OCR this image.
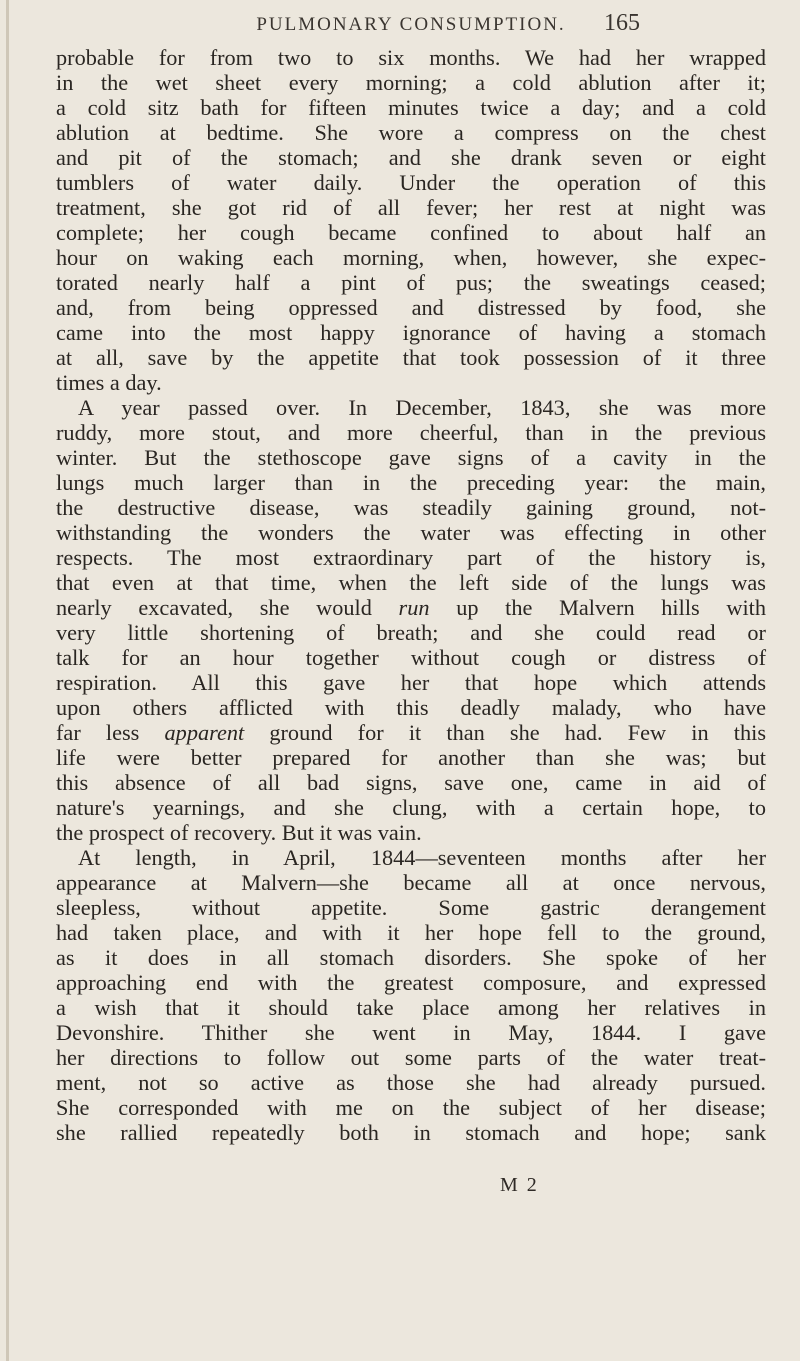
PULMONARY CONSUMPTION.	165
probable for from two to six months. We had her wrapped
in the wet sheet every morning; a cold ablution after it;
a cold sitz bath for fifteen minutes twice a day; and a cold
ablution at bedtime. She wore a compress on the chest
and pit of the stomach; and she drank seven or eight
tumblers of water daily. Under the operation of this
treatment, she got rid of all fever; her rest at night was
complete; her cough became confined to about half an
hour on waking each morning, when, however, she expec-
torated nearly half a pint of pus; the sweatings ceased;
and, from being oppressed and distressed by food, she
came into the most happy ignorance of having a stomach
at all, save by the appetite that took possession of it three
times a day.
A year passed over. In December, 1843, she was more
ruddy, more stout, and more cheerful, than in the previous
winter. But the stethoscope gave signs of a cavity in the
lungs much larger than in the preceding year: the main,
the destructive disease, was steadily gaining ground, not-
withstanding the wonders the water was effecting in other
respects. The most extraordinary part of the history is,
that even at that time, when the left side of the lungs was
nearly excavated, she would run up the Malvern hills with
very little shortening of breath; and she could read or
talk for an hour together without cough or distress of
respiration. All this gave her that hope which attends
upon others afflicted with this deadly malady, who have
far less apparent ground for it than she had. Few in this
life were better prepared for another than she was; but
this absence of all bad signs, save one, came in aid of
nature's yearnings, and she clung, with a certain hope, to
the prospect of recovery. But it was vain.
At length, in April, 1844—seventeen months after her
appearance at Malvern—she became all at once nervous,
sleepless, without appetite. Some gastric derangement
had taken place, and with it her hope fell to the ground,
as it does in all stomach disorders. She spoke of her
approaching end with the greatest composure, and expressed
a wish that it should take place among her relatives in
Devonshire. Thither she went in May, 1844. I gave
her directions to follow out some parts of the water treat-
ment, not so active as those she had already pursued.
She corresponded with me on the subject of her disease;
she rallied repeatedly both in stomach and hope; sank
M 2
